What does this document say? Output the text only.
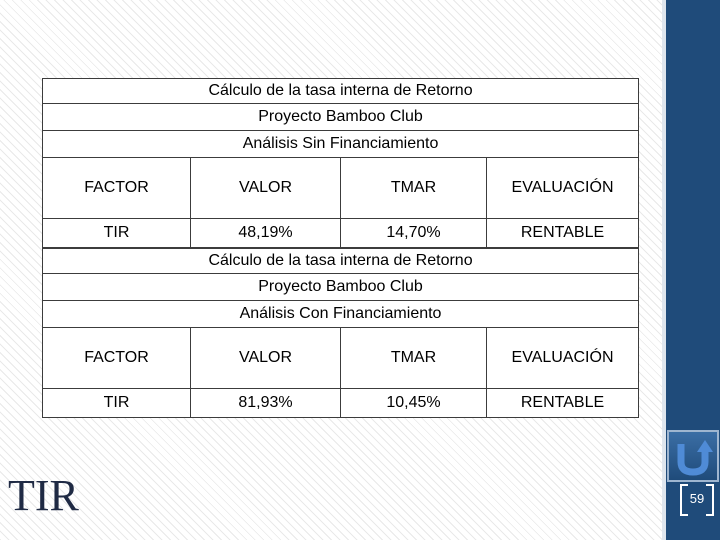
Cálculo de la tasa interna de Retorno			
Proyecto Bamboo Club			
Análisis Sin Financiamiento			
FACTOR	VALOR	TMAR	EVALUACIÓN
TIR	48,19%	14,70%	RENTABLE
Cálculo de la tasa interna de Retorno			
Proyecto Bamboo Club			
Análisis Con Financiamiento			
FACTOR	VALOR	TMAR	EVALUACIÓN
TIR	81,93%	10,45%	RENTABLE
TIR	59
